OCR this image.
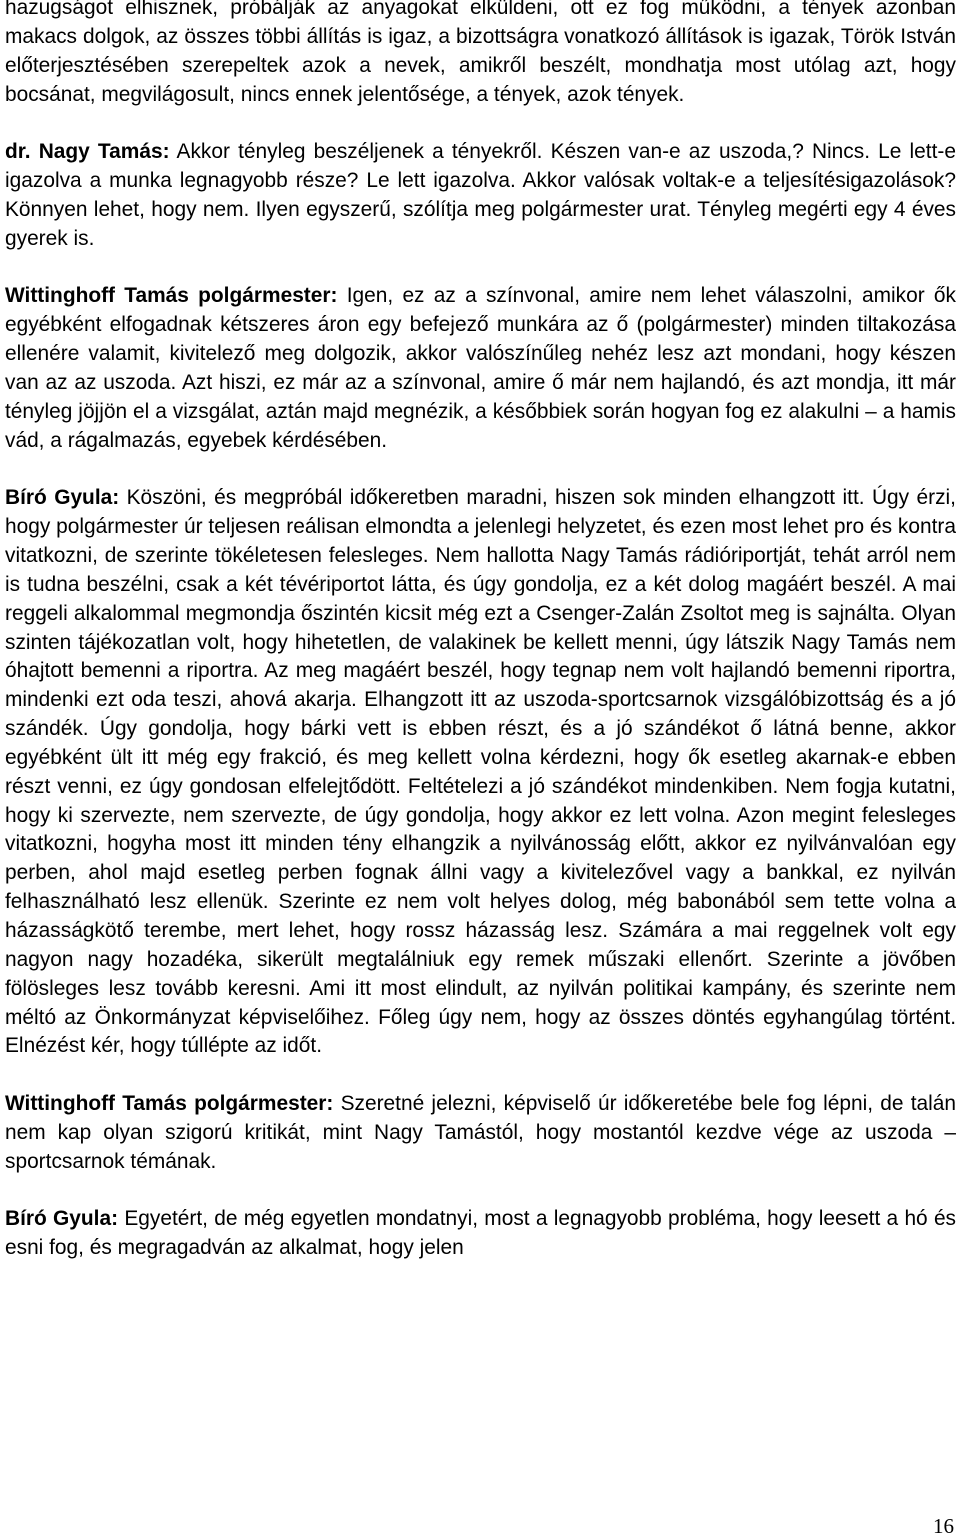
hazugságot elhisznek, próbálják az anyagokat elküldeni, ott ez fog működni, a tények azonban makacs dolgok, az összes többi állítás is igaz, a bizottságra vonatkozó állítások is igazak, Török István előterjesztésében szerepeltek azok a nevek, amikről beszélt, mondhatja most utólag azt, hogy bocsánat, megvilágosult, nincs ennek jelentősége, a tények, azok tények.

dr. Nagy Tamás: Akkor tényleg beszéljenek a tényekről. Készen van-e az uszoda,? Nincs. Le lett-e igazolva a munka legnagyobb része? Le lett igazolva. Akkor valósak voltak-e a teljesítésigazolások? Könnyen lehet, hogy nem. Ilyen egyszerű, szólítja meg polgármester urat. Tényleg megérti egy 4 éves gyerek is.

Wittinghoff Tamás polgármester: Igen, ez az a színvonal, amire nem lehet válaszolni, amikor ők egyébként elfogadnak kétszeres áron egy befejező munkára az ő (polgármester) minden tiltakozása ellenére valamit, kivitelező meg dolgozik, akkor valószínűleg nehéz lesz azt mondani, hogy készen van az az uszoda. Azt hiszi, ez már az a színvonal, amire ő már nem hajlandó, és azt mondja, itt már tényleg jöjjön el a vizsgálat, aztán majd megnézik, a későbbiek során hogyan fog ez alakulni – a hamis vád, a rágalmazás, egyebek kérdésében.

Bíró Gyula: Köszöni, és megpróbál időkeretben maradni, hiszen sok minden elhangzott itt. Úgy érzi, hogy polgármester úr teljesen reálisan elmondta a jelenlegi helyzetet, és ezen most lehet pro és kontra vitatkozni, de szerinte tökéletesen felesleges. Nem hallotta Nagy Tamás rádióriportját, tehát arról nem is tudna beszélni, csak a két tévériportot látta, és úgy gondolja, ez a két dolog magáért beszél. A mai reggeli alkalommal megmondja őszintén kicsit még ezt a Csenger-Zalán Zsoltot meg is sajnálta. Olyan szinten tájékozatlan volt, hogy hihetetlen, de valakinek be kellett menni, úgy látszik Nagy Tamás nem óhajtott bemenni a riportra. Az meg magáért beszél, hogy tegnap nem volt hajlandó bemenni riportra, mindenki ezt oda teszi, ahová akarja. Elhangzott itt az uszoda-sportcsarnok vizsgálóbizottság és a jó szándék. Úgy gondolja, hogy bárki vett is ebben részt, és a jó szándékot ő látná benne, akkor egyébként ült itt még egy frakció, és meg kellett volna kérdezni, hogy ők esetleg akarnak-e ebben részt venni, ez úgy gondosan elfelejtődött. Feltételezi a jó szándékot mindenkiben. Nem fogja kutatni, hogy ki szervezte, nem szervezte, de úgy gondolja, hogy akkor ez lett volna. Azon megint felesleges vitatkozni, hogyha most itt minden tény elhangzik a nyilvánosság előtt, akkor ez nyilvánvalóan egy perben, ahol majd esetleg perben fognak állni vagy a kivitelezővel vagy a bankkal, ez nyilván felhasználható lesz ellenük. Szerinte ez nem volt helyes dolog, még babonából sem tette volna a házasságkötő terembe, mert lehet, hogy rossz házasság lesz. Számára a mai reggelnek volt egy nagyon nagy hozadéka, sikerült megtalálniuk egy remek műszaki ellenőrt. Szerinte a jövőben fölösleges lesz tovább keresni. Ami itt most elindult, az nyilván politikai kampány, és szerinte nem méltó az Önkormányzat képviselőihez. Főleg úgy nem, hogy az összes döntés egyhangúlag történt. Elnézést kér, hogy túllépte az időt.

Wittinghoff Tamás polgármester: Szeretné jelezni, képviselő úr időkeretébe bele fog lépni, de talán nem kap olyan szigorú kritikát, mint Nagy Tamástól, hogy mostantól kezdve vége az uszoda – sportcsarnok témának.

Bíró Gyula: Egyetért, de még egyetlen mondatnyi, most a legnagyobb probléma, hogy leesett a hó és esni fog, és megragadván az alkalmat, hogy jelen

16
